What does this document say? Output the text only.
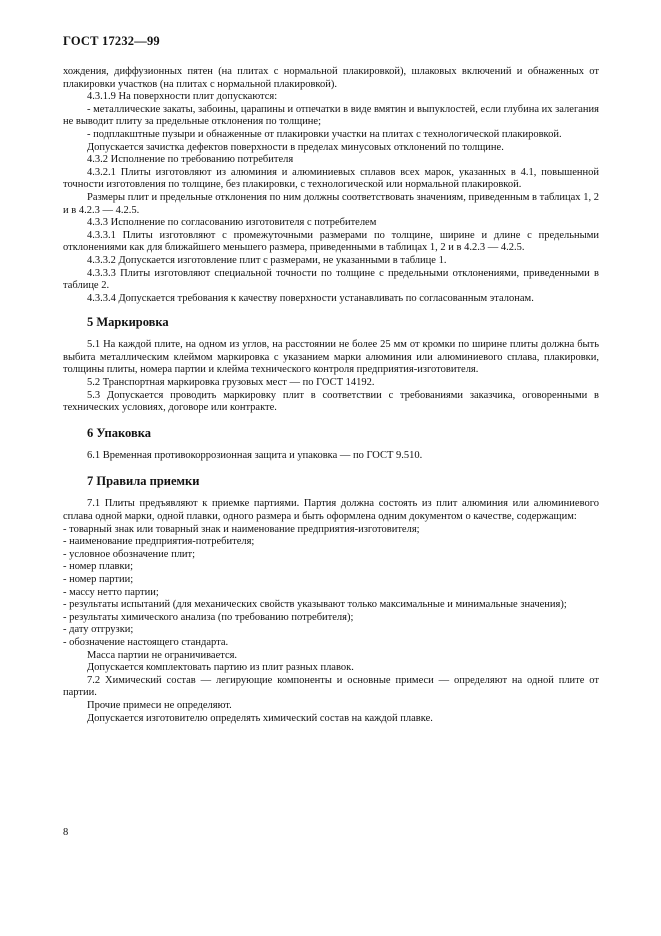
ГОСТ 17232—99

хождения, диффузионных пятен (на плитах с нормальной плакировкой), шлаковых включений и обнаженных от плакировки участков (на плитах с нормальной плакировкой).

4.3.1.9 На поверхности плит допускаются:

- металлические закаты, забоины, царапины и отпечатки в виде вмятин и выпуклостей, если глубина их залегания не выводит плиту за предельные отклонения по толщине;

- подплакштные пузыри и обнаженные от плакировки участки на плитах с технологической плакировкой.

Допускается зачистка дефектов поверхности в пределах минусовых отклонений по толщине.

4.3.2 Исполнение по требованию потребителя

4.3.2.1 Плиты изготовляют из алюминия и алюминиевых сплавов всех марок, указанных в 4.1, повышенной точности изготовления по толщине, без плакировки, с технологической или нормальной плакировкой.

Размеры плит и предельные отклонения по ним должны соответствовать значениям, приведенным в таблицах 1, 2 и в 4.2.3 — 4.2.5.

4.3.3 Исполнение по согласованию изготовителя с потребителем

4.3.3.1 Плиты изготовляют с промежуточными размерами по толщине, ширине и длине с предельными отклонениями как для ближайшего меньшего размера, приведенными в таблицах 1, 2 и в 4.2.3 — 4.2.5.

4.3.3.2 Допускается изготовление плит с размерами, не указанными в таблице 1.

4.3.3.3 Плиты изготовляют специальной точности по толщине с предельными отклонениями, приведенными в таблице 2.

4.3.3.4 Допускается требования к качеству поверхности устанавливать по согласованным эталонам.

5 Маркировка

5.1 На каждой плите, на одном из углов, на расстоянии не более 25 мм от кромки по ширине плиты должна быть выбита металлическим клеймом маркировка с указанием марки алюминия или алюминиевого сплава, плакировки, толщины плиты, номера партии и клейма технического контроля предприятия-изготовителя.

5.2 Транспортная маркировка грузовых мест — по ГОСТ 14192.

5.3 Допускается проводить маркировку плит в соответствии с требованиями заказчика, оговоренными в технических условиях, договоре или контракте.

6 Упаковка

6.1 Временная противокоррозионная защита и упаковка — по ГОСТ 9.510.

7 Правила приемки

7.1 Плиты предъявляют к приемке партиями. Партия должна состоять из плит алюминия или алюминиевого сплава одной марки, одной плавки, одного размера и быть оформлена одним документом о качестве, содержащим:

- товарный знак или товарный знак и наименование предприятия-изготовителя;

- наименование предприятия-потребителя;

- условное обозначение плит;

- номер плавки;

- номер партии;

- массу нетто партии;

- результаты испытаний (для механических свойств указывают только максимальные и минимальные значения);

- результаты химического анализа (по требованию потребителя);

- дату отгрузки;

- обозначение настоящего стандарта.

Масса партии не ограничивается.

Допускается комплектовать партию из плит разных плавок.

7.2 Химический состав — легирующие компоненты и основные примеси — определяют на одной плите от партии.

Прочие примеси не определяют.

Допускается изготовителю определять химический состав на каждой плавке.

8
